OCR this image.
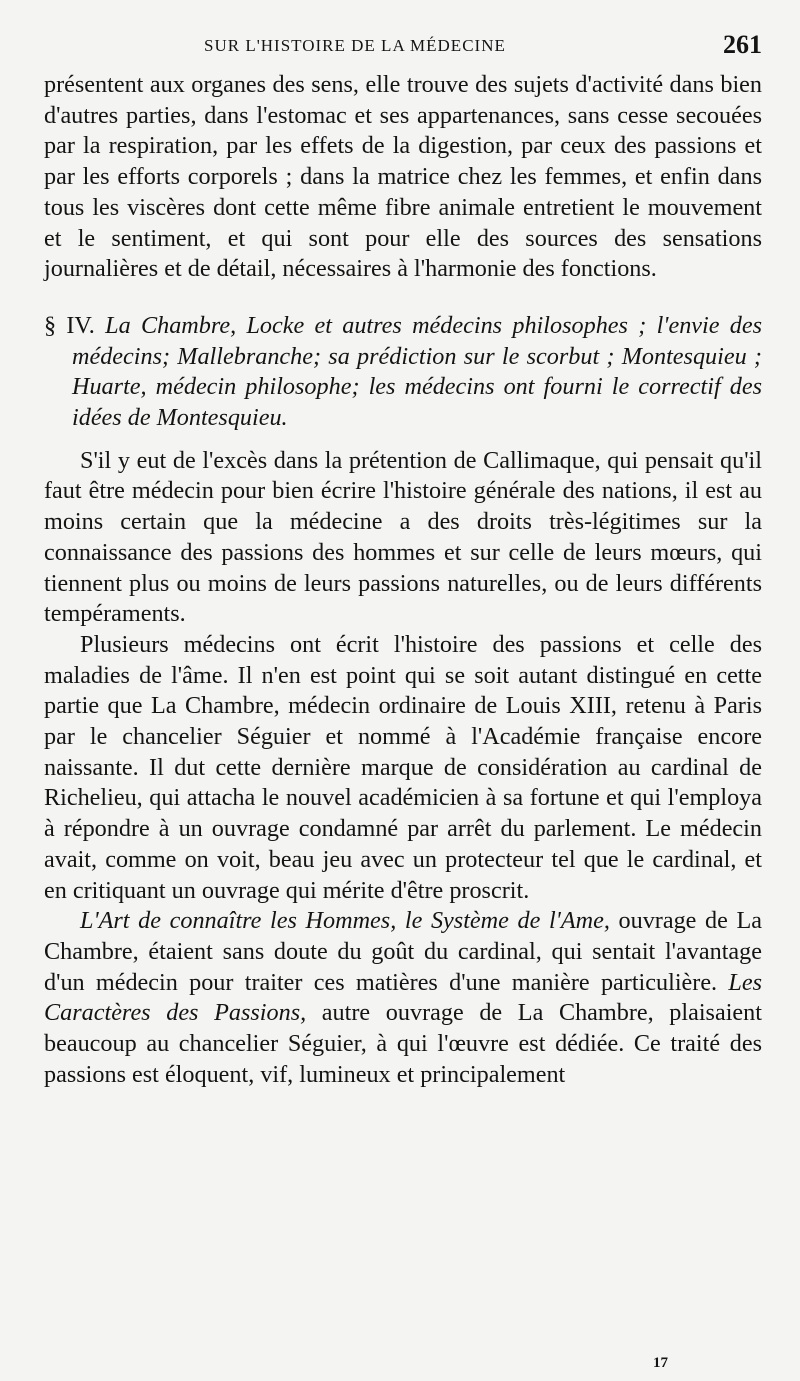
SUR L'HISTOIRE DE LA MÉDECINE	261

présentent aux organes des sens, elle trouve des sujets d'activité dans bien d'autres parties, dans l'estomac et ses appartenances, sans cesse secouées par la respiration, par les effets de la digestion, par ceux des passions et par les efforts corporels ; dans la matrice chez les femmes, et enfin dans tous les viscères dont cette même fibre animale entretient le mouvement et le sentiment, et qui sont pour elle des sources des sensations journalières et de détail, nécessaires à l'harmonie des fonctions.

§ IV. La Chambre, Locke et autres médecins philosophes ; l'envie des médecins; Mallebranche; sa prédiction sur le scorbut ; Montesquieu ; Huarte, médecin philosophe; les médecins ont fourni le correctif des idées de Montesquieu.

S'il y eut de l'excès dans la prétention de Callimaque, qui pensait qu'il faut être médecin pour bien écrire l'histoire générale des nations, il est au moins certain que la médecine a des droits très-légitimes sur la connaissance des passions des hommes et sur celle de leurs mœurs, qui tiennent plus ou moins de leurs passions naturelles, ou de leurs différents tempéraments.

Plusieurs médecins ont écrit l'histoire des passions et celle des maladies de l'âme. Il n'en est point qui se soit autant distingué en cette partie que La Chambre, médecin ordinaire de Louis XIII, retenu à Paris par le chancelier Séguier et nommé à l'Académie française encore naissante. Il dut cette dernière marque de considération au cardinal de Richelieu, qui attacha le nouvel académicien à sa fortune et qui l'employa à répondre à un ouvrage condamné par arrêt du parlement. Le médecin avait, comme on voit, beau jeu avec un protecteur tel que le cardinal, et en critiquant un ouvrage qui mérite d'être proscrit.

L'Art de connaître les Hommes, le Système de l'Ame, ouvrage de La Chambre, étaient sans doute du goût du cardinal, qui sentait l'avantage d'un médecin pour traiter ces matières d'une manière particulière. Les Caractères des Passions, autre ouvrage de La Chambre, plaisaient beaucoup au chancelier Séguier, à qui l'œuvre est dédiée. Ce traité des passions est éloquent, vif, lumineux et principalement

17
